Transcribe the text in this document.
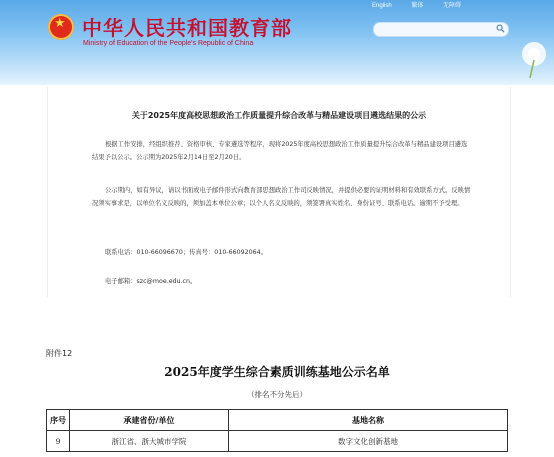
★ 中华人民共和国教育部
Ministry of Education of the People's Republic of China
English	繁体	无障碍
关于2025年度高校思想政治工作质量提升综合改革与精品建设项目遴选结果的公示
根据工作安排，经组织推荐、资格审核、专家遴选等程序，现将2025年度高校思想政治工作质量提升综合改革与精品建设项目遴选结果予以公示。公示期为2025年2月14日至2月20日。
公示期内，如有异议，请以书面或电子邮件形式向教育部思想政治工作司反映情况，并提供必要的证明材料和有效联系方式。反映情况须实事求是，以单位名义反映的，须加盖本单位公章；以个人名义反映的，须签署真实姓名、身份证号、联系电话。逾期不予受理。
联系电话：010-66096670；传真号：010-66092064。
电子邮箱：szc@moe.edu.cn。
附件12
2025年度学生综合素质训练基地公示名单
（排名不分先后）
序号	承建省份/单位	基地名称
9	浙江省、浙大城市学院	数字文化创新基地
